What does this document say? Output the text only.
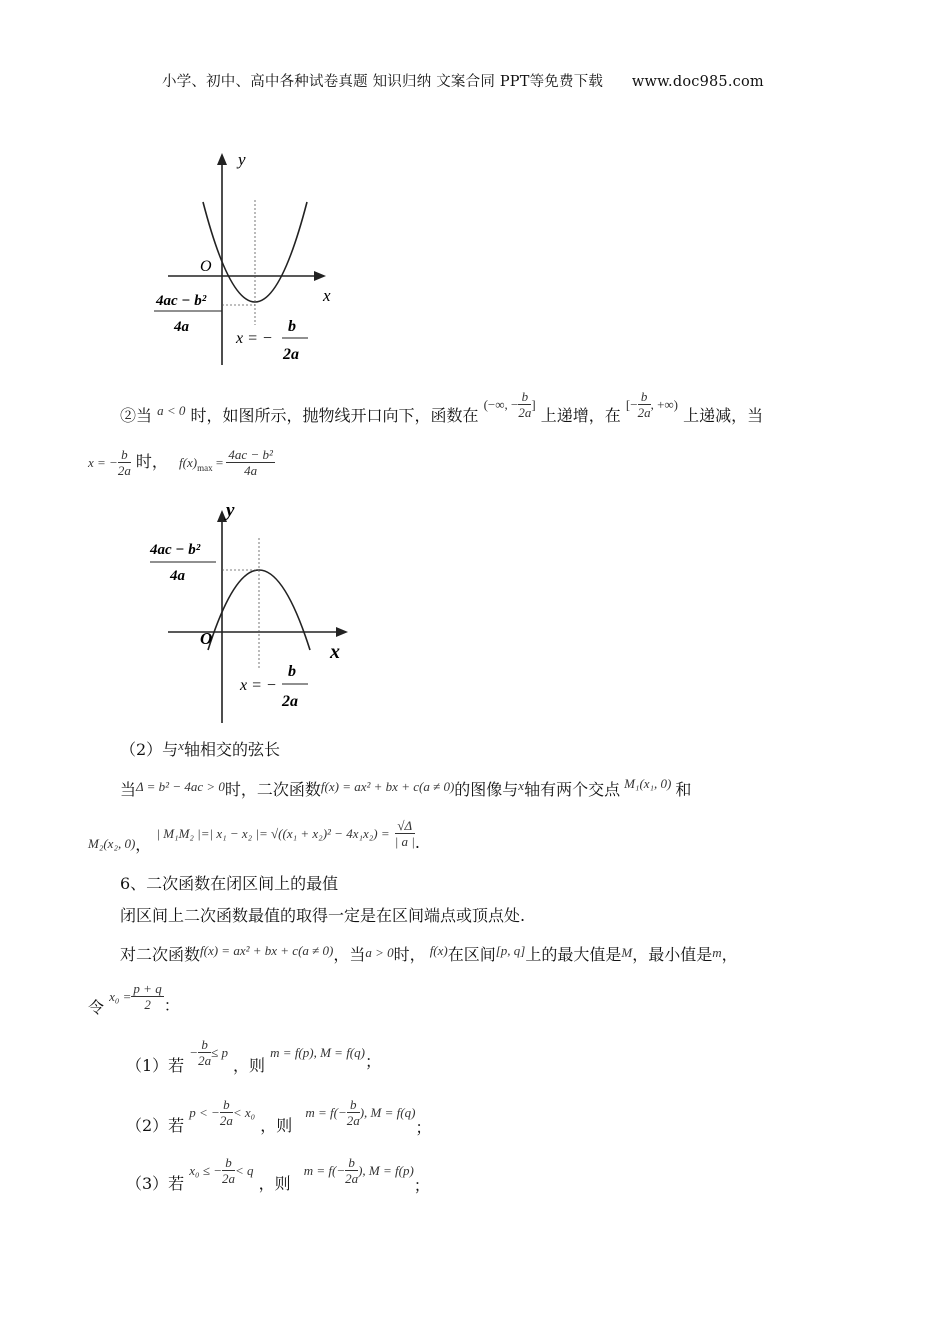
小学、初中、高中各种试卷真题 知识归纳 文案合同 PPT等免费下载 www.doc985.com
y
x
O
4ac − b²
4a
x = −
b
2a
②当 $^{a < 0}$ 时，如图所示，抛物线开口向下，函数在 (−∞, − $\frac{b}{2a}$ ] 上递增，在 [− $\frac{b}{2a}$ , +∞) 上递减，当
x = − $\frac{b}{2a}$ 时， $f(x)_{max} = \frac{\text{4ac − b²}}{4a}$
y
x
O
4ac − b²
4a
x = −
b
2a
（2）与$^x$轴相交的弦长
当$^{\Delta = b^2 - 4ac > 0}$时，二次函数$^{f(x) = ax^2 + bx + c(a \ne 0)}$的图像与$^x$轴有两个交点 $^{M_1(x_1, 0)}$ 和
$_{M_2(x_2, 0)}$， | M₁M₂ |=| x₁ − x₂ |= $√((x_1 + x_2)^2 - 4x_1x_2) = \frac{√\Delta}{| a |}$ .
6、二次函数在闭区间上的最值
闭区间上二次函数最值的取得一定是在区间端点或顶点处.
对二次函数$^{f(x) = ax^2 + bx + c(a \ne 0)}$，当a > 0时， $^{f(x)}$在区间[p, q]上的最大值是M，最小值是m，
令 $x_0 = \frac{p + q}{2}$ ：
（1）若 − $\frac{b}{2a} \le p$ ，则 m = f(p), M = f(q)；
（2）若 p < − $\frac{b}{2a} < x_0$ ，则 $m = f(- \frac{b}{2a}$ ), M = f(q)；
（3）若 x₀ ≤ − $\frac{b}{2a} < q$ ，则 $m = f(- \frac{b}{2a}$ ), M = f(p)；
